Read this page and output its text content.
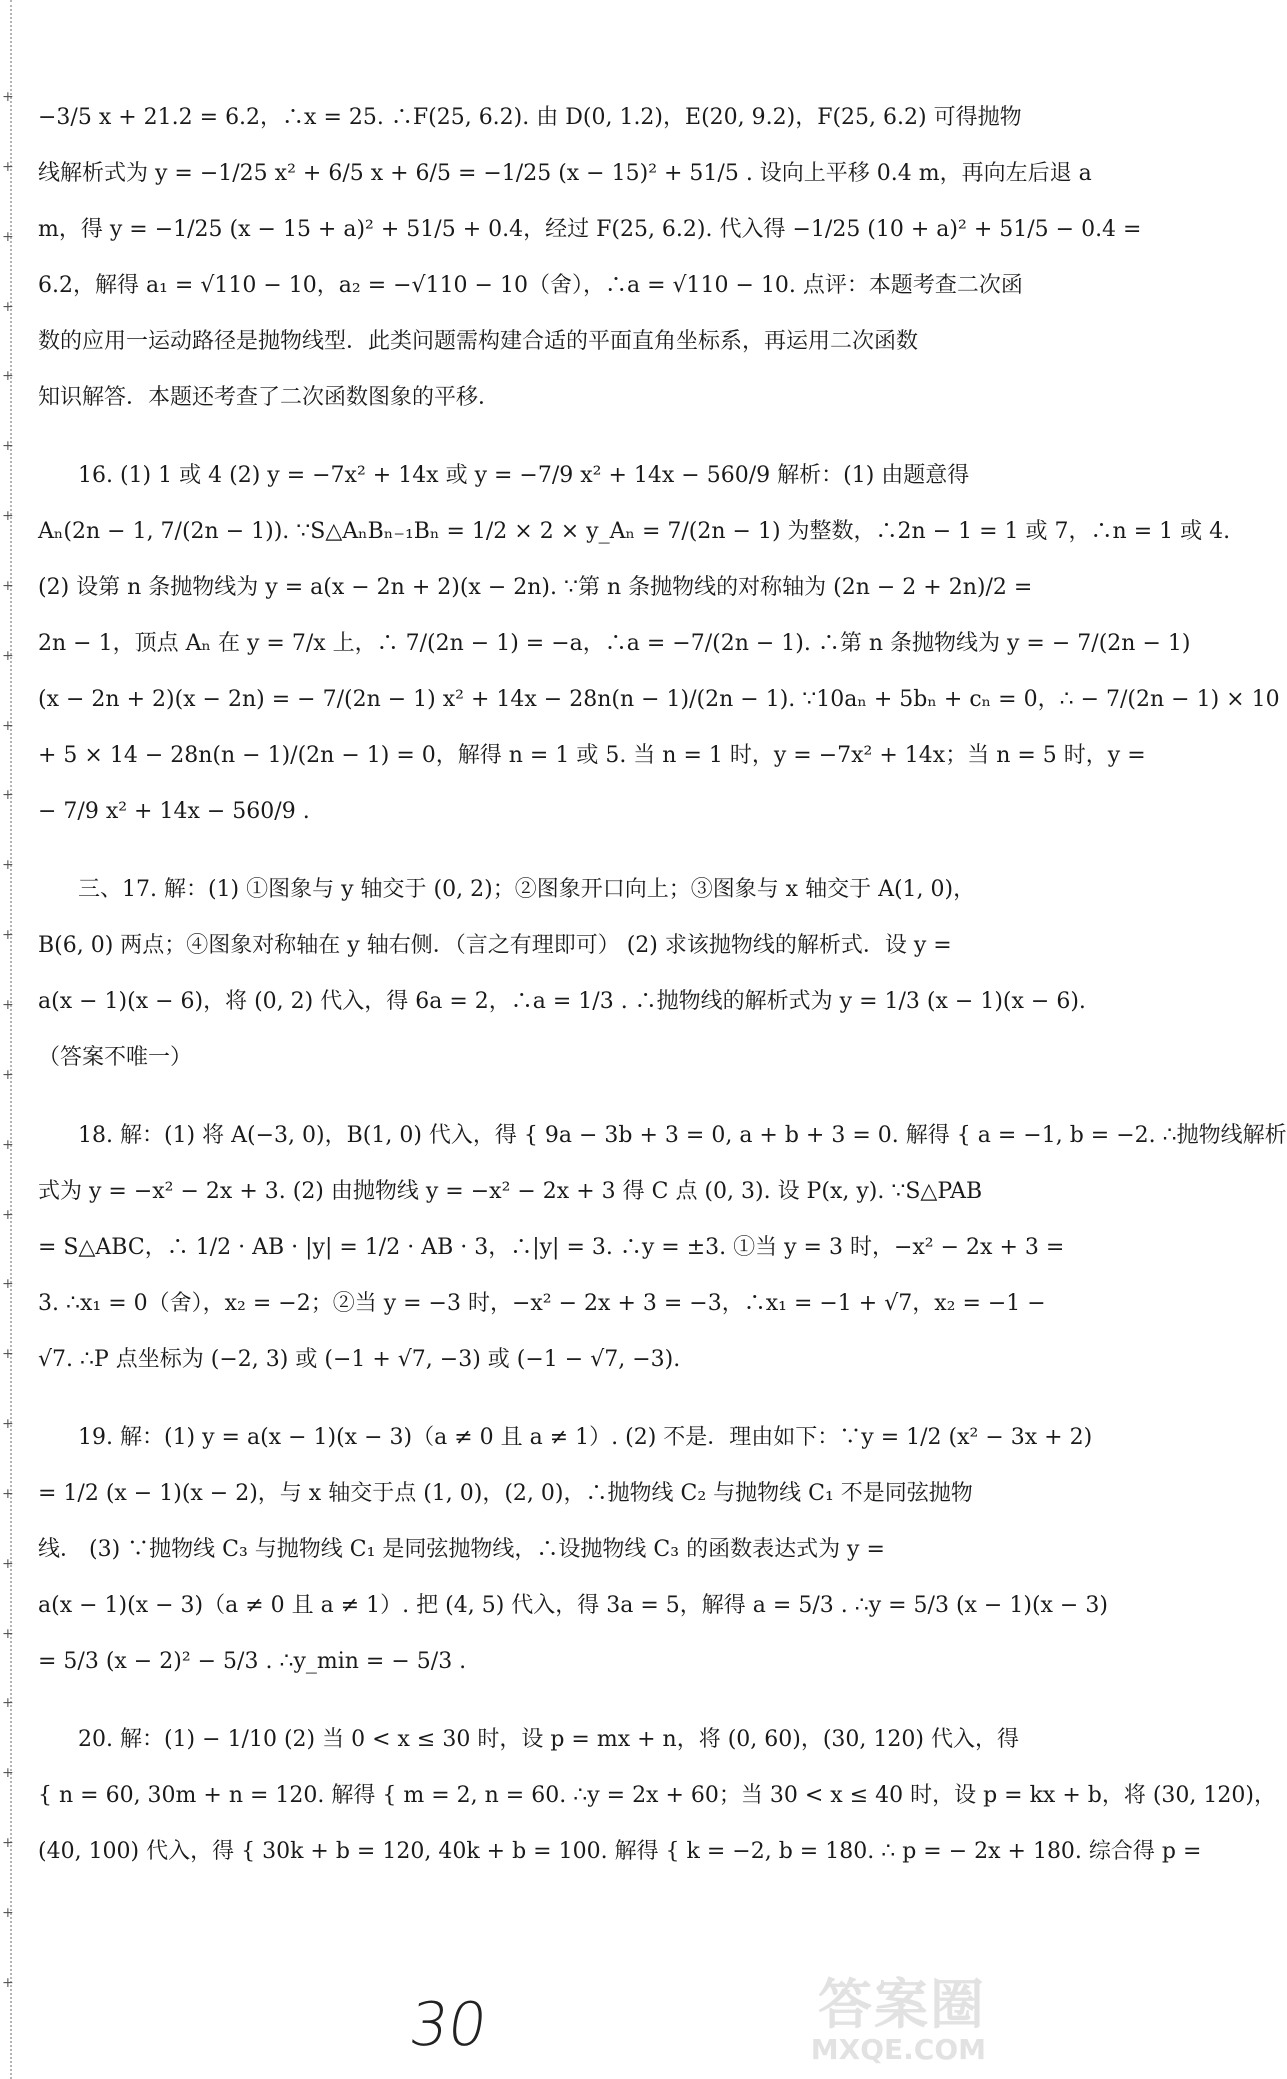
+
+
+
+
+
+
+
+
+
+
+
+
+
+
+
+
+
+
+
+
+
+
+
+
+
+
+
+
−3/5 x + 21.2 = 6.2，∴x = 25. ∴F(25, 6.2). 由 D(0, 1.2)，E(20, 9.2)，F(25, 6.2) 可得抛物
线解析式为 y = −1/25 x² + 6/5 x + 6/5 = −1/25 (x − 15)² + 51/5 . 设向上平移 0.4 m，再向左后退 a
m，得 y = −1/25 (x − 15 + a)² + 51/5 + 0.4，经过 F(25, 6.2). 代入得 −1/25 (10 + a)² + 51/5 − 0.4 =
6.2，解得 a₁ = √110 − 10，a₂ = −√110 − 10（舍），∴a = √110 − 10. 点评：本题考查二次函
数的应用一运动路径是抛物线型．此类问题需构建合适的平面直角坐标系，再运用二次函数
知识解答．本题还考查了二次函数图象的平移．
16. (1) 1 或 4 (2) y = −7x² + 14x 或 y = −7/9 x² + 14x − 560/9 解析：(1) 由题意得
Aₙ(2n − 1, 7/(2n − 1)). ∵S△AₙBₙ₋₁Bₙ = 1/2 × 2 × y_Aₙ = 7/(2n − 1) 为整数，∴2n − 1 = 1 或 7，∴n = 1 或 4.
(2) 设第 n 条抛物线为 y = a(x − 2n + 2)(x − 2n). ∵第 n 条抛物线的对称轴为 (2n − 2 + 2n)/2 =
2n − 1，顶点 Aₙ 在 y = 7/x 上，∴ 7/(2n − 1) = −a，∴a = −7/(2n − 1). ∴第 n 条抛物线为 y = − 7/(2n − 1)
(x − 2n + 2)(x − 2n) = − 7/(2n − 1) x² + 14x − 28n(n − 1)/(2n − 1). ∵10aₙ + 5bₙ + cₙ = 0，∴ − 7/(2n − 1) × 10
+ 5 × 14 − 28n(n − 1)/(2n − 1) = 0，解得 n = 1 或 5. 当 n = 1 时，y = −7x² + 14x；当 n = 5 时，y =
− 7/9 x² + 14x − 560/9 .
三、17. 解：(1) ①图象与 y 轴交于 (0, 2)；②图象开口向上；③图象与 x 轴交于 A(1, 0)，
B(6, 0) 两点；④图象对称轴在 y 轴右侧．（言之有理即可） (2) 求该抛物线的解析式．设 y =
a(x − 1)(x − 6)，将 (0, 2) 代入，得 6a = 2，∴a = 1/3 . ∴抛物线的解析式为 y = 1/3 (x − 1)(x − 6).
（答案不唯一）
18. 解：(1) 将 A(−3, 0)，B(1, 0) 代入，得 { 9a − 3b + 3 = 0, a + b + 3 = 0. 解得 { a = −1, b = −2. ∴抛物线解析
式为 y = −x² − 2x + 3. (2) 由抛物线 y = −x² − 2x + 3 得 C 点 (0, 3). 设 P(x, y). ∵S△PAB
= S△ABC，∴ 1/2 · AB · |y| = 1/2 · AB · 3，∴|y| = 3. ∴y = ±3. ①当 y = 3 时，−x² − 2x + 3 =
3. ∴x₁ = 0（舍），x₂ = −2；②当 y = −3 时，−x² − 2x + 3 = −3，∴x₁ = −1 + √7，x₂ = −1 −
√7. ∴P 点坐标为 (−2, 3) 或 (−1 + √7, −3) 或 (−1 − √7, −3).
19. 解：(1) y = a(x − 1)(x − 3)（a ≠ 0 且 a ≠ 1）. (2) 不是．理由如下：∵y = 1/2 (x² − 3x + 2)
= 1/2 (x − 1)(x − 2)，与 x 轴交于点 (1, 0)，(2, 0)，∴抛物线 C₂ 与抛物线 C₁ 不是同弦抛物
线． (3) ∵抛物线 C₃ 与抛物线 C₁ 是同弦抛物线，∴设抛物线 C₃ 的函数表达式为 y =
a(x − 1)(x − 3)（a ≠ 0 且 a ≠ 1）. 把 (4, 5) 代入，得 3a = 5，解得 a = 5/3 . ∴y = 5/3 (x − 1)(x − 3)
= 5/3 (x − 2)² − 5/3 . ∴y_min = − 5/3 .
20. 解：(1) − 1/10 (2) 当 0 < x ≤ 30 时，设 p = mx + n，将 (0, 60)，(30, 120) 代入，得
{ n = 60, 30m + n = 120. 解得 { m = 2, n = 60. ∴y = 2x + 60；当 30 < x ≤ 40 时，设 p = kx + b，将 (30, 120)，
(40, 100) 代入，得 { 30k + b = 120, 40k + b = 100. 解得 { k = −2, b = 180. ∴ p = − 2x + 180. 综合得 p =
30	答案圈
MXQE.COM
